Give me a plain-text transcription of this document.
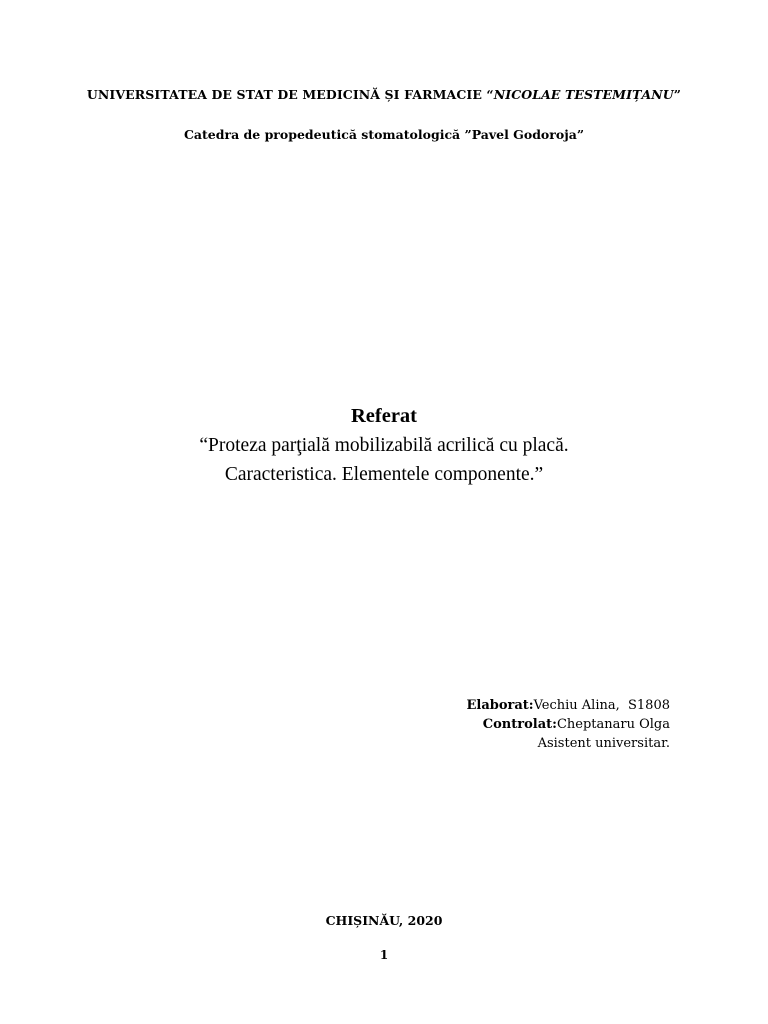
UNIVERSITATEA DE STAT DE MEDICINĂ ȘI FARMACIE “NICOLAE TESTEMIȚANU”
Catedra de propedeutică stomatologică ”Pavel Godoroja”
Referat
“Proteza parţială mobilizabilă acrilică cu placă.
Caracteristica. Elementele componente.”
Elaborat:Vechiu Alina,  S1808
Controlat:Cheptanaru Olga
Asistent universitar.
CHIȘINĂU, 2020
1
